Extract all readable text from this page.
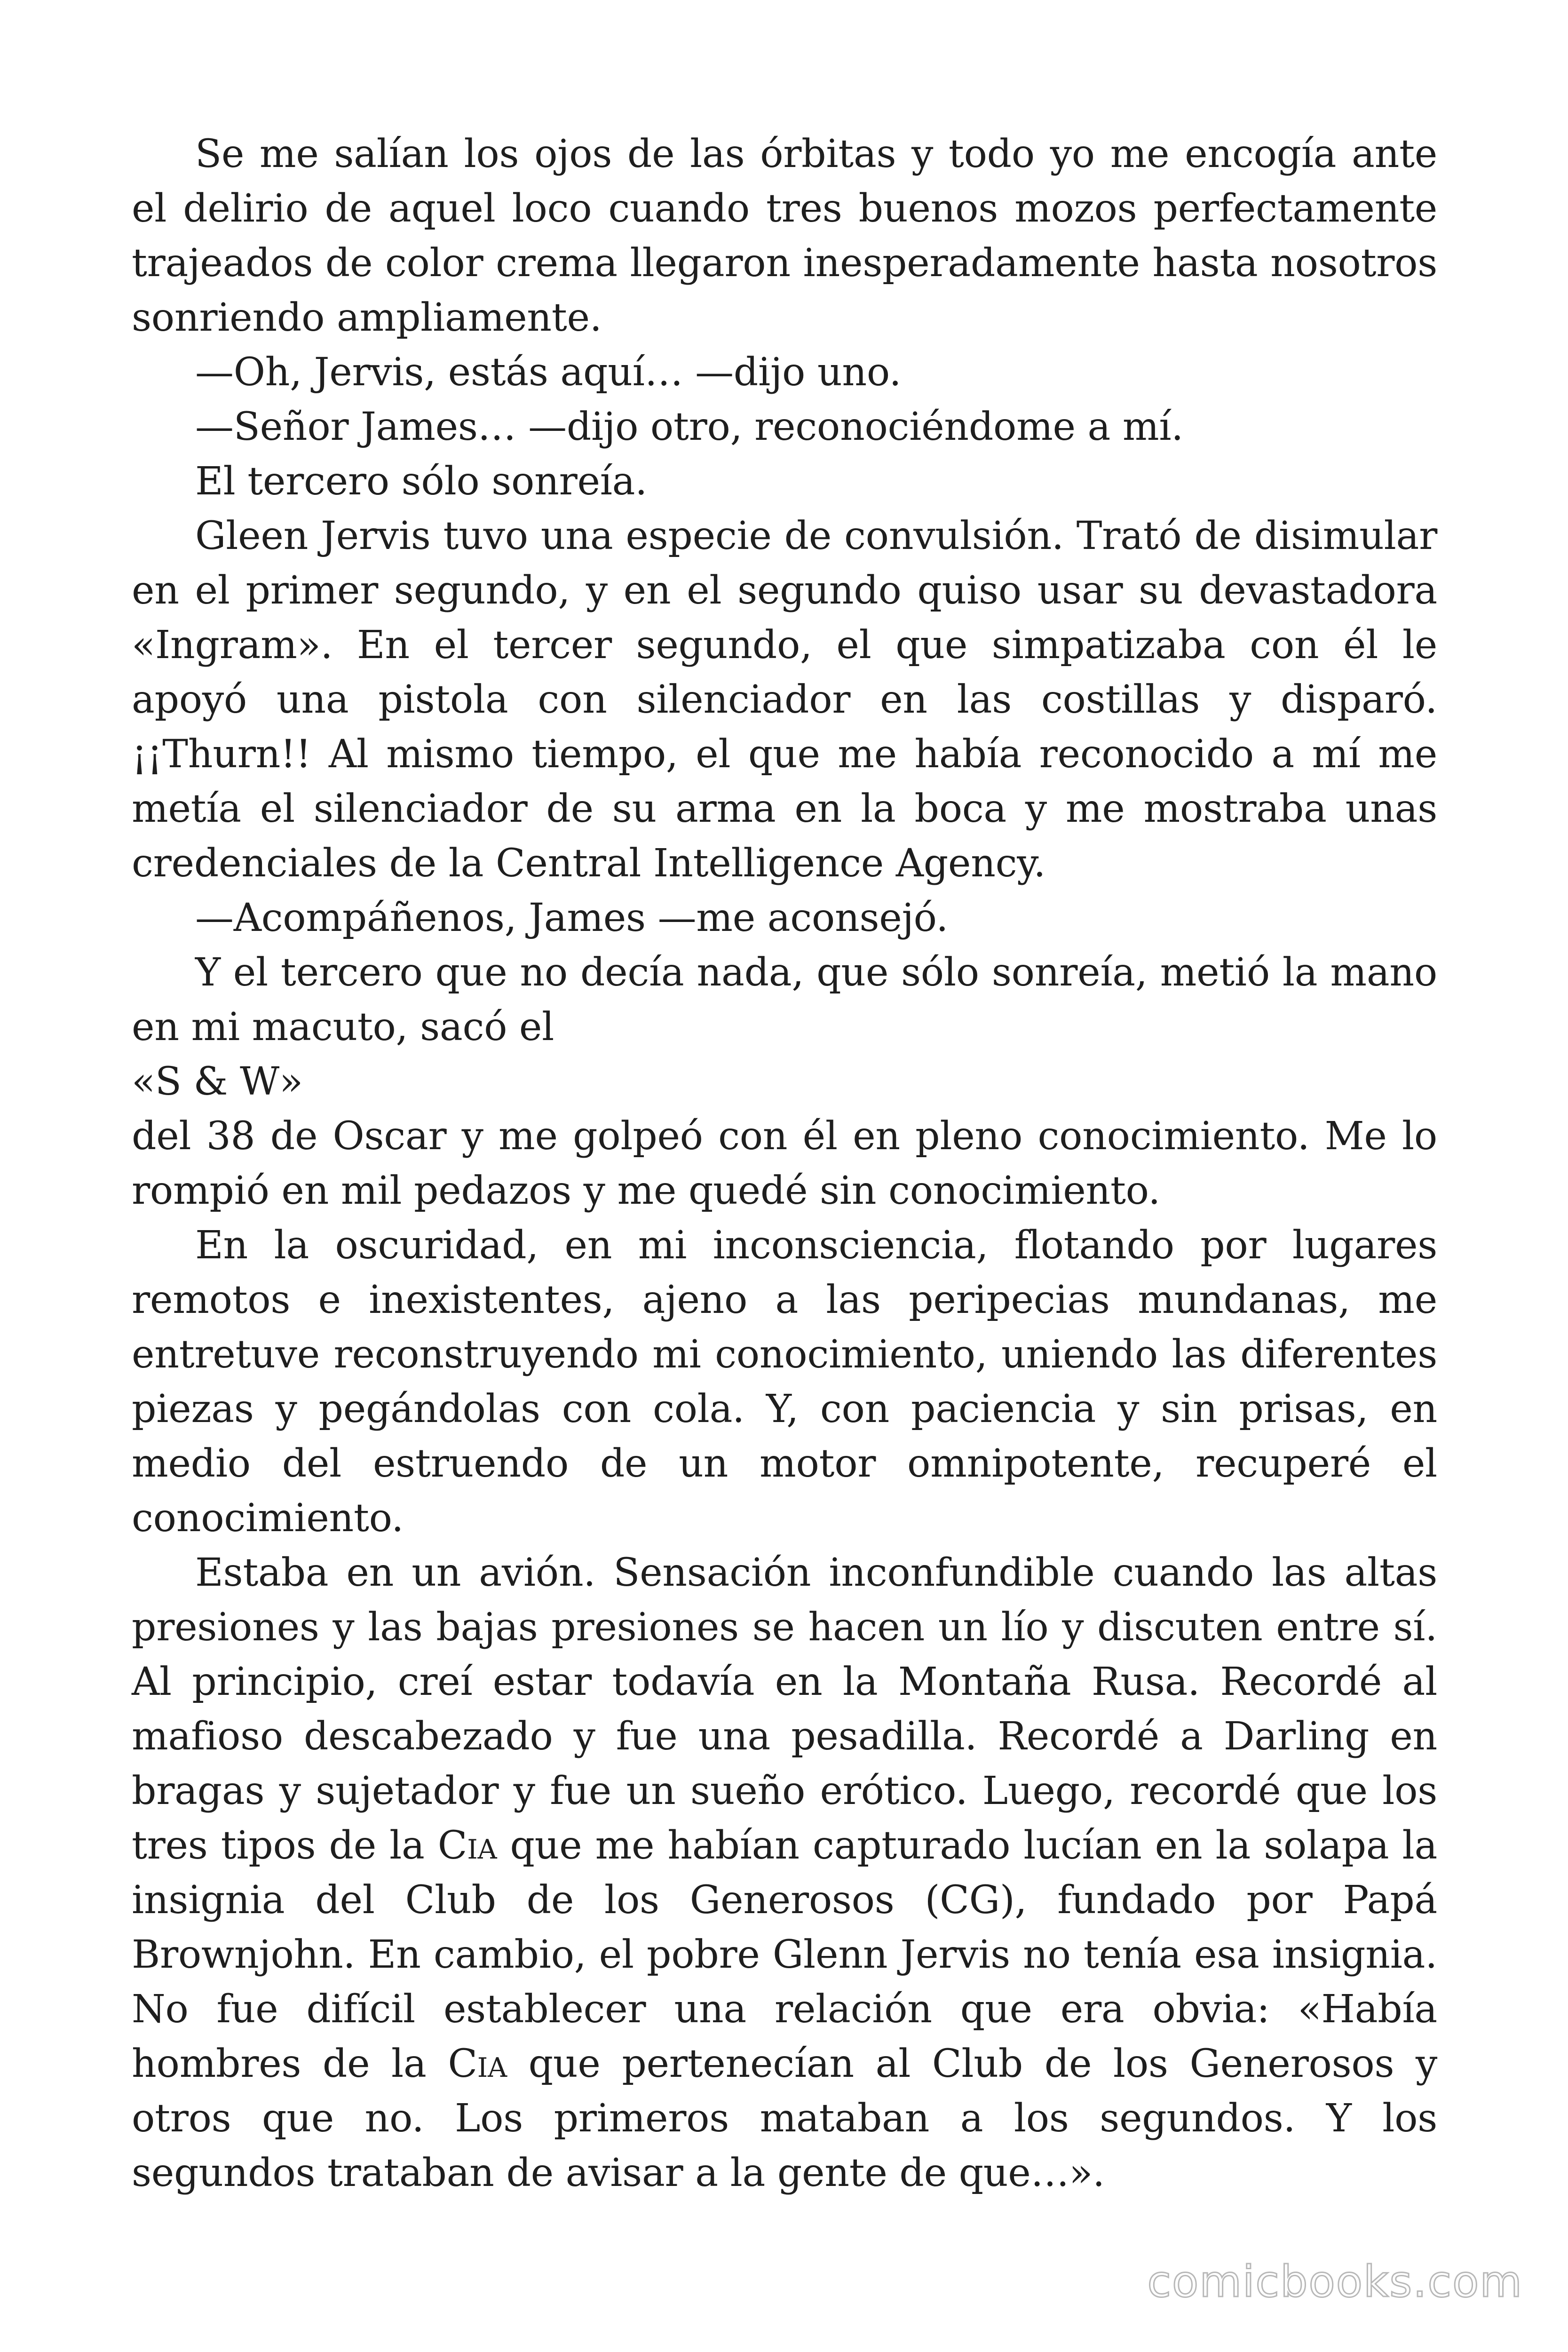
Se me salían los ojos de las órbitas y todo yo me encogía ante el delirio de aquel loco cuando tres buenos mozos perfectamente trajeados de color crema llegaron inesperadamente hasta nosotros sonriendo ampliamente.

—Oh, Jervis, estás aquí… —dijo uno.

—Señor James… —dijo otro, reconociéndome a mí.

El tercero sólo sonreía.

Gleen Jervis tuvo una especie de convulsión. Trató de disimular en el primer segundo, y en el segundo quiso usar su devastadora «Ingram». En el tercer segundo, el que simpatizaba con él le apoyó una pistola con silenciador en las costillas y disparó. ¡¡Thurn!! Al mismo tiempo, el que me había reconocido a mí me metía el silenciador de su arma en la boca y me mostraba unas credenciales de la Central Intelligence Agency.

—Acompáñenos, James —me aconsejó.

Y el tercero que no decía nada, que sólo sonreía, metió la mano en mi macuto, sacó el

«S & W»

del 38 de Oscar y me golpeó con él en pleno conocimiento. Me lo rompió en mil pedazos y me quedé sin conocimiento.

En la oscuridad, en mi inconsciencia, flotando por lugares remotos e inexistentes, ajeno a las peripecias mundanas, me entretuve reconstruyendo mi conocimiento, uniendo las diferentes piezas y pegándolas con cola. Y, con paciencia y sin prisas, en medio del estruendo de un motor omnipotente, recuperé el conocimiento.

Estaba en un avión. Sensación inconfundible cuando las altas presiones y las bajas presiones se hacen un lío y discuten entre sí. Al principio, creí estar todavía en la Montaña Rusa. Recordé al mafioso descabezado y fue una pesadilla. Recordé a Darling en bragas y sujetador y fue un sueño erótico. Luego, recordé que los tres tipos de la Cia que me habían capturado lucían en la solapa la insignia del Club de los Generosos (CG), fundado por Papá Brownjohn. En cambio, el pobre Glenn Jervis no tenía esa insignia. No fue difícil establecer una relación que era obvia: «Había hombres de la Cia que pertenecían al Club de los Generosos y otros que no. Los primeros mataban a los segundos. Y los segundos trataban de avisar a la gente de que…».

comicbooks.com
